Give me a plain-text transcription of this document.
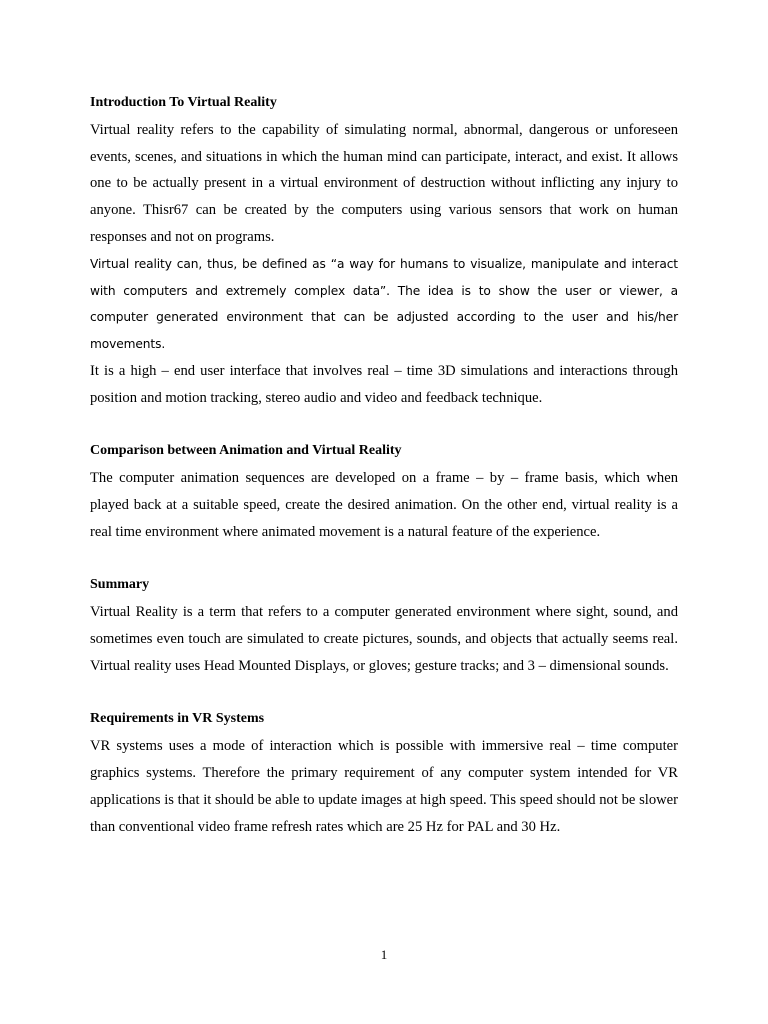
Introduction To Virtual Reality

Virtual reality refers to the capability of simulating normal, abnormal, dangerous or unforeseen events, scenes, and situations in which the human mind can participate, interact, and exist. It allows one to be actually present in a virtual environment of destruction without inflicting any injury to anyone. Thisr67 can be created by the computers using various sensors that work on human responses and not on programs.

Virtual reality can, thus, be defined as “a way for humans to visualize, manipulate and interact with computers and extremely complex data”. The idea is to show the user or viewer, a computer generated environment that can be adjusted according to the user and his/her movements.

It is a high – end user interface that involves real – time 3D simulations and interactions through position and motion tracking, stereo audio and video and feedback technique.

Comparison between Animation and Virtual Reality

The computer animation sequences are developed on a frame – by – frame basis, which when played back at a suitable speed, create the desired animation. On the other end, virtual reality is a real time environment where animated movement is a natural feature of the experience.

Summary

Virtual Reality is a term that refers to a computer generated environment where sight, sound, and sometimes even touch are simulated to create pictures, sounds, and objects that actually seems real. Virtual reality uses Head Mounted Displays, or gloves; gesture tracks; and 3 – dimensional sounds.

Requirements in VR Systems

VR systems uses a mode of interaction which is possible with immersive real – time computer graphics systems. Therefore the primary requirement of any computer system intended for VR applications is that it should be able to update images at high speed. This speed should not be slower than conventional video frame refresh rates which are 25 Hz for PAL and 30 Hz.

1
